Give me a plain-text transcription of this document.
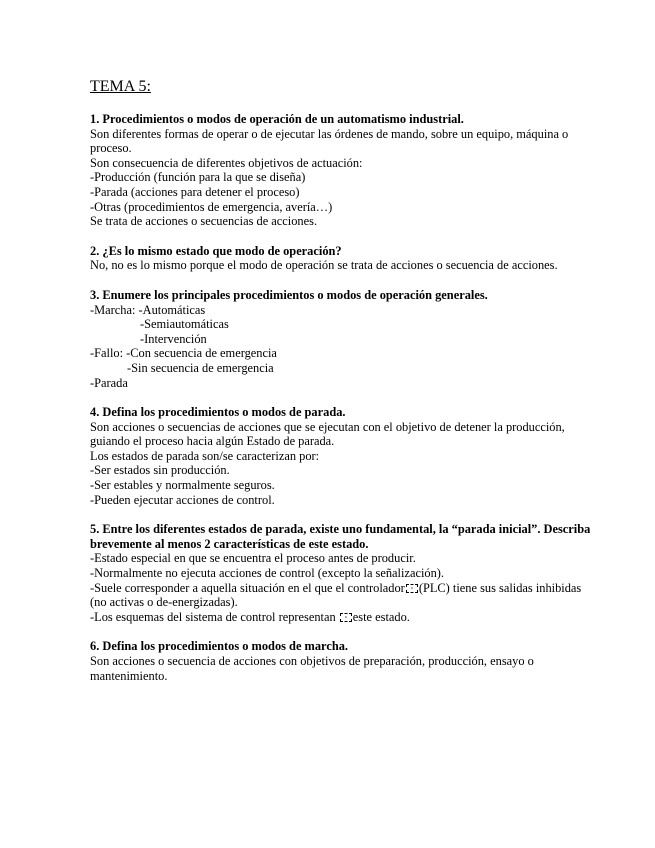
TEMA 5:
1. Procedimientos o modos de operación de un automatismo industrial.
Son diferentes formas de operar o de ejecutar las órdenes de mando, sobre un equipo, máquina o proceso.
Son consecuencia de diferentes objetivos de actuación:
-Producción (función para la que se diseña)
-Parada (acciones para detener el proceso)
-Otras (procedimientos de emergencia, avería…)
Se trata de acciones o secuencias de acciones.
2. ¿Es lo mismo estado que modo de operación?
No, no es lo mismo porque el modo de operación se trata de acciones o secuencia de acciones.
3. Enumere los principales procedimientos o modos de operación generales.
-Marcha: -Automáticas
-Semiautomáticas
-Intervención
-Fallo: -Con secuencia de emergencia
-Sin secuencia de emergencia
-Parada
4. Defina los procedimientos o modos de parada.
Son acciones o secuencias de acciones que se ejecutan con el objetivo de detener la producción, guiando el proceso hacia algún Estado de parada.
Los estados de parada son/se caracterizan por:
-Ser estados sin producción.
-Ser estables y normalmente seguros.
-Pueden ejecutar acciones de control.
5. Entre los diferentes estados de parada, existe uno fundamental, la “parada inicial”. Describa brevemente al menos 2 características de este estado.
-Estado especial en que se encuentra el proceso antes de producir.
-Normalmente no ejecuta acciones de control (excepto la señalización).
-Suele corresponder a aquella situación en el que el controlador ▫ (PLC) tiene sus salidas inhibidas (no activas o de-energizadas).
-Los esquemas del sistema de control representan ▫ este estado.
6. Defina los procedimientos o modos de marcha.
Son acciones o secuencia de acciones con objetivos de preparación, producción, ensayo o mantenimiento.
